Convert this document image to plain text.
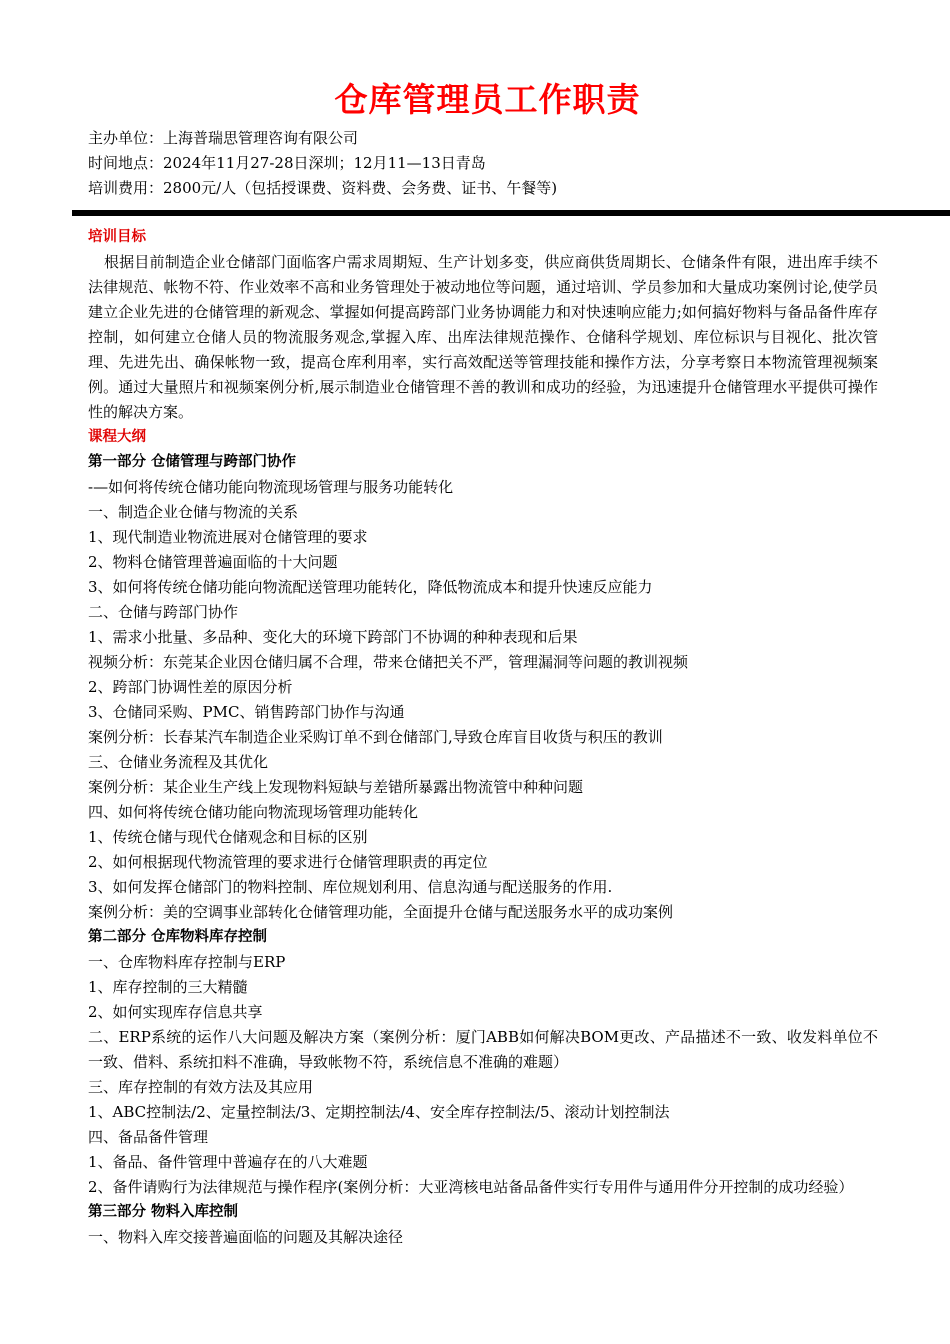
仓库管理员工作职责
主办单位：上海普瑞思管理咨询有限公司
时间地点：2024年11月27-28日深圳；12月11—13日青岛
培训费用：2800元/人（包括授课费、资料费、会务费、证书、午餐等)
培训目标
根据目前制造企业仓储部门面临客户需求周期短、生产计划多变，供应商供货周期长、仓储条件有限，进出库手续不法律规范、帐物不符、作业效率不高和业务管理处于被动地位等问题，通过培训、学员参加和大量成功案例讨论,使学员建立企业先进的仓储管理的新观念、掌握如何提高跨部门业务协调能力和对快速响应能力;如何搞好物料与备品备件库存控制，如何建立仓储人员的物流服务观念,掌握入库、出库法律规范操作、仓储科学规划、库位标识与目视化、批次管理、先进先出、确保帐物一致，提高仓库利用率，实行高效配送等管理技能和操作方法，分享考察日本物流管理视频案例。通过大量照片和视频案例分析,展示制造业仓储管理不善的教训和成功的经验，为迅速提升仓储管理水平提供可操作性的解决方案。
课程大纲
第一部分 仓储管理与跨部门协作
-—如何将传统仓储功能向物流现场管理与服务功能转化
一、制造企业仓储与物流的关系
1、现代制造业物流进展对仓储管理的要求
2、物料仓储管理普遍面临的十大问题
3、如何将传统仓储功能向物流配送管理功能转化，降低物流成本和提升快速反应能力
二、仓储与跨部门协作
1、需求小批量、多品种、变化大的环境下跨部门不协调的种种表现和后果
视频分析：东莞某企业因仓储归属不合理，带来仓储把关不严，管理漏洞等问题的教训视频
2、跨部门协调性差的原因分析
3、仓储同采购、PMC、销售跨部门协作与沟通
案例分析：长春某汽车制造企业采购订单不到仓储部门,导致仓库盲目收货与积压的教训
三、仓储业务流程及其优化
案例分析：某企业生产线上发现物料短缺与差错所暴露出物流管中种种问题
四、如何将传统仓储功能向物流现场管理功能转化
1、传统仓储与现代仓储观念和目标的区别
2、如何根据现代物流管理的要求进行仓储管理职责的再定位
3、如何发挥仓储部门的物料控制、库位规划利用、信息沟通与配送服务的作用.
案例分析：美的空调事业部转化仓储管理功能，全面提升仓储与配送服务水平的成功案例
第二部分 仓库物料库存控制
一、仓库物料库存控制与ERP
1、库存控制的三大精髓
2、如何实现库存信息共享
二、ERP系统的运作八大问题及解决方案（案例分析：厦门ABB如何解决BOM更改、产品描述不一致、收发料单位不一致、借料、系统扣料不准确，导致帐物不符，系统信息不准确的难题）
三、库存控制的有效方法及其应用
1、ABC控制法/2、定量控制法/3、定期控制法/4、安全库存控制法/5、滚动计划控制法
四、备品备件管理
1、备品、备件管理中普遍存在的八大难题
2、备件请购行为法律规范与操作程序(案例分析：大亚湾核电站备品备件实行专用件与通用件分开控制的成功经验）
第三部分 物料入库控制
一、物料入库交接普遍面临的问题及其解决途径
